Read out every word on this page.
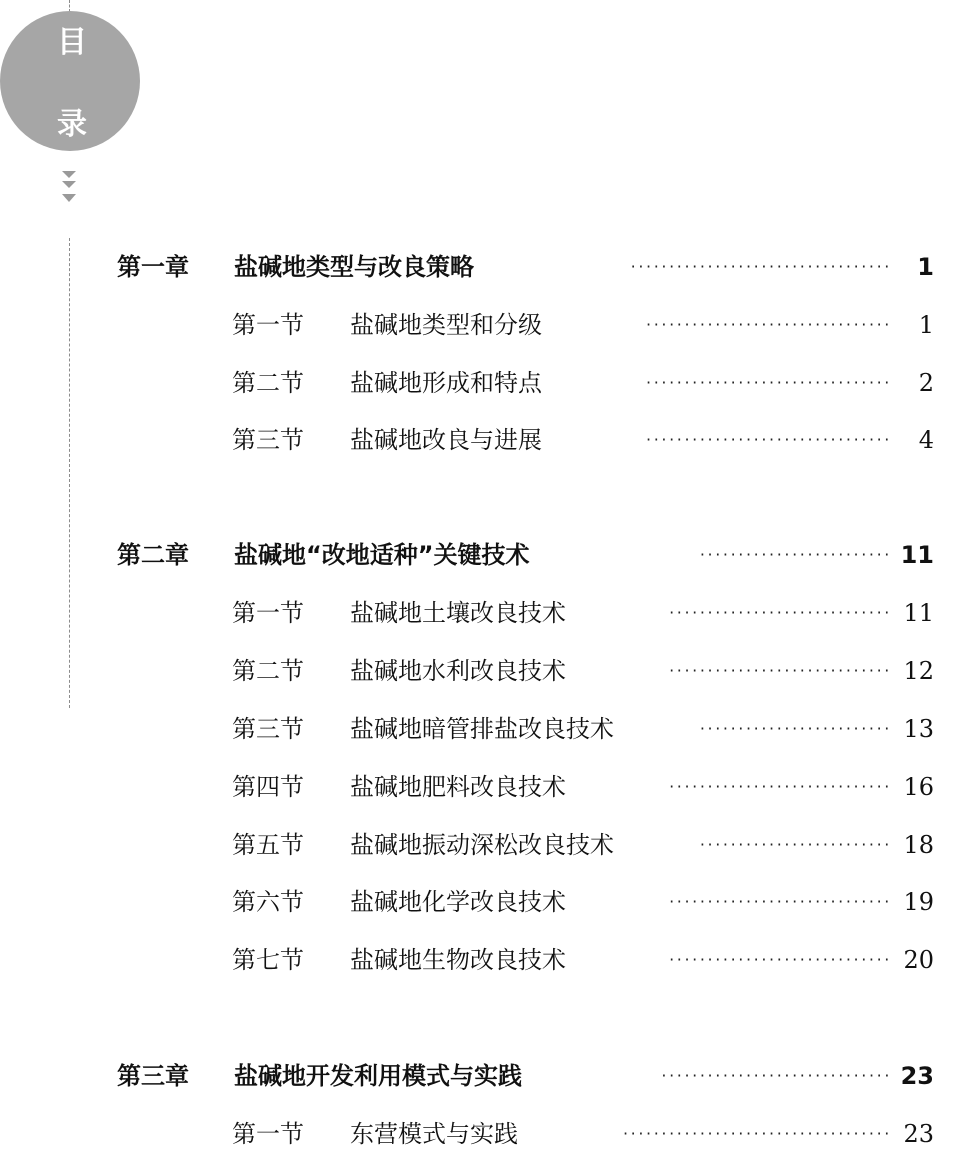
目
录
第一章 盐碱地类型与改良策略	·································· 1
第一节 盐碱地类型和分级	································ 1
第二节 盐碱地形成和特点	································ 2
第三节 盐碱地改良与进展	································ 4
第二章 盐碱地“改地适种”关键技术	························· 11
第一节 盐碱地土壤改良技术	····························· 11
第二节 盐碱地水利改良技术	····························· 12
第三节 盐碱地暗管排盐改良技术	························· 13
第四节 盐碱地肥料改良技术	····························· 16
第五节 盐碱地振动深松改良技术	························· 18
第六节 盐碱地化学改良技术	····························· 19
第七节 盐碱地生物改良技术	····························· 20
第三章 盐碱地开发利用模式与实践	······························ 23
第一节 东营模式与实践	··································· 23
